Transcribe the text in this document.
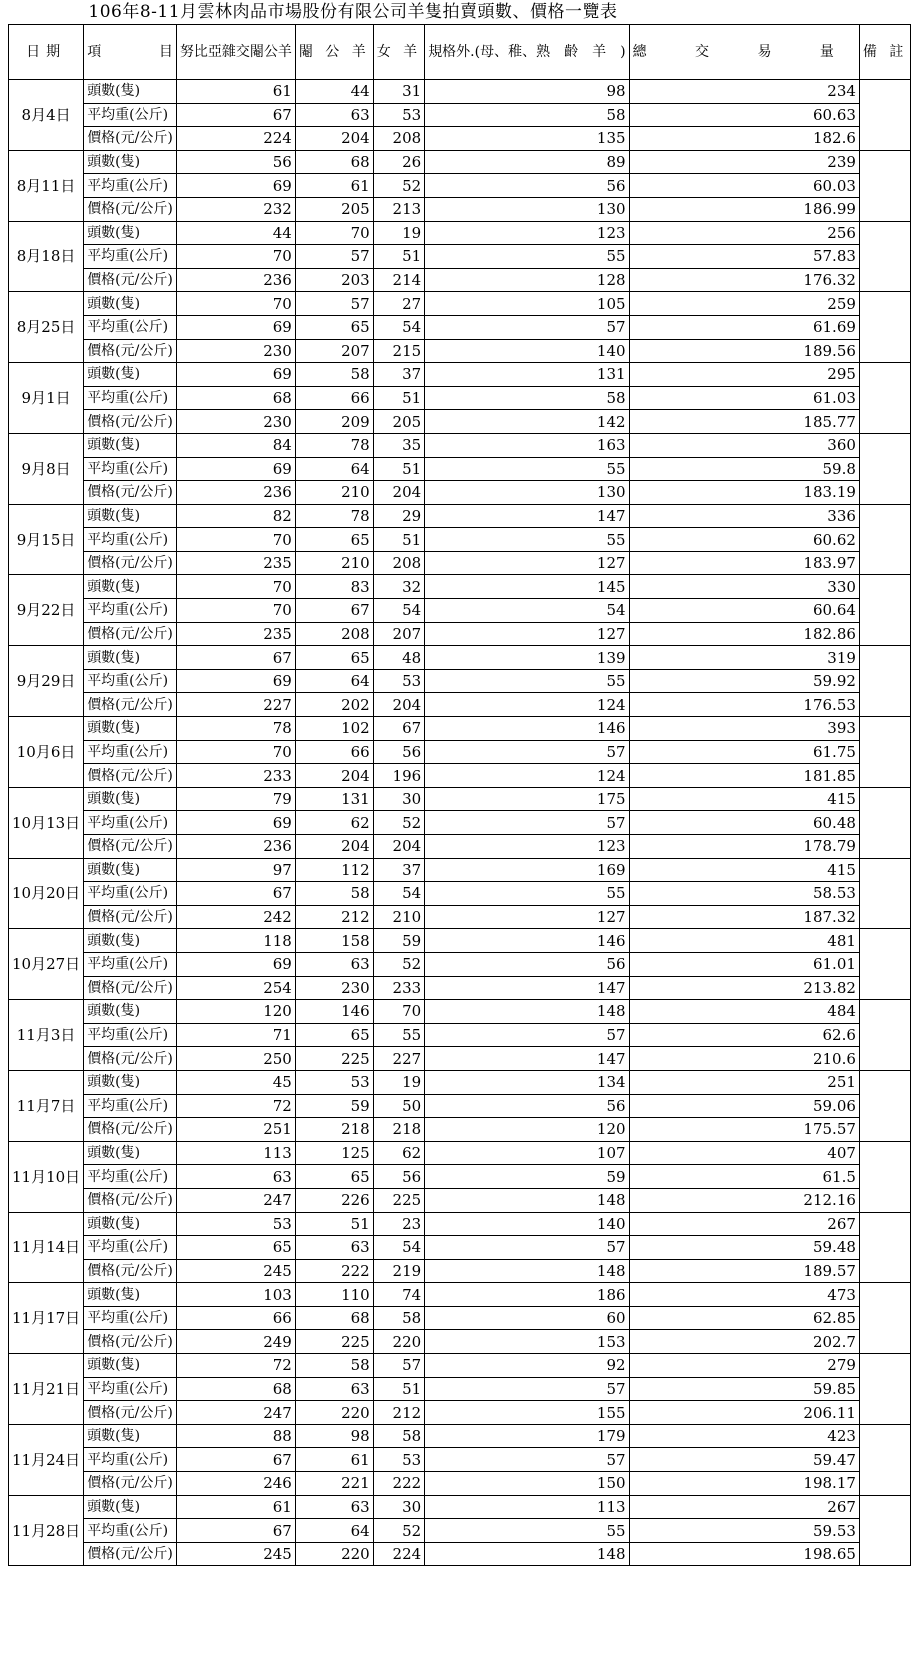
106年8-11月雲林肉品市場股份有限公司羊隻拍賣頭數、價格一覽表
日期	項 目	努比亞雜交閹公羊	閹 公 羊	女 羊	規格外.(母、稚、熟　齡　羊　)	總 交 易 量	備 註
8月4日	頭數(隻)	61	44	31	98	234	
	平均重(公斤)	67	63	53	58	60.63	
	價格(元/公斤)	224	204	208	135	182.6	
8月11日	頭數(隻)	56	68	26	89	239	
	平均重(公斤)	69	61	52	56	60.03	
	價格(元/公斤)	232	205	213	130	186.99	
8月18日	頭數(隻)	44	70	19	123	256	
	平均重(公斤)	70	57	51	55	57.83	
	價格(元/公斤)	236	203	214	128	176.32	
8月25日	頭數(隻)	70	57	27	105	259	
	平均重(公斤)	69	65	54	57	61.69	
	價格(元/公斤)	230	207	215	140	189.56	
9月1日	頭數(隻)	69	58	37	131	295	
	平均重(公斤)	68	66	51	58	61.03	
	價格(元/公斤)	230	209	205	142	185.77	
9月8日	頭數(隻)	84	78	35	163	360	
	平均重(公斤)	69	64	51	55	59.8	
	價格(元/公斤)	236	210	204	130	183.19	
9月15日	頭數(隻)	82	78	29	147	336	
	平均重(公斤)	70	65	51	55	60.62	
	價格(元/公斤)	235	210	208	127	183.97	
9月22日	頭數(隻)	70	83	32	145	330	
	平均重(公斤)	70	67	54	54	60.64	
	價格(元/公斤)	235	208	207	127	182.86	
9月29日	頭數(隻)	67	65	48	139	319	
	平均重(公斤)	69	64	53	55	59.92	
	價格(元/公斤)	227	202	204	124	176.53	
10月6日	頭數(隻)	78	102	67	146	393	
	平均重(公斤)	70	66	56	57	61.75	
	價格(元/公斤)	233	204	196	124	181.85	
10月13日	頭數(隻)	79	131	30	175	415	
	平均重(公斤)	69	62	52	57	60.48	
	價格(元/公斤)	236	204	204	123	178.79	
10月20日	頭數(隻)	97	112	37	169	415	
	平均重(公斤)	67	58	54	55	58.53	
	價格(元/公斤)	242	212	210	127	187.32	
10月27日	頭數(隻)	118	158	59	146	481	
	平均重(公斤)	69	63	52	56	61.01	
	價格(元/公斤)	254	230	233	147	213.82	
11月3日	頭數(隻)	120	146	70	148	484	
	平均重(公斤)	71	65	55	57	62.6	
	價格(元/公斤)	250	225	227	147	210.6	
11月7日	頭數(隻)	45	53	19	134	251	
	平均重(公斤)	72	59	50	56	59.06	
	價格(元/公斤)	251	218	218	120	175.57	
11月10日	頭數(隻)	113	125	62	107	407	
	平均重(公斤)	63	65	56	59	61.5	
	價格(元/公斤)	247	226	225	148	212.16	
11月14日	頭數(隻)	53	51	23	140	267	
	平均重(公斤)	65	63	54	57	59.48	
	價格(元/公斤)	245	222	219	148	189.57	
11月17日	頭數(隻)	103	110	74	186	473	
	平均重(公斤)	66	68	58	60	62.85	
	價格(元/公斤)	249	225	220	153	202.7	
11月21日	頭數(隻)	72	58	57	92	279	
	平均重(公斤)	68	63	51	57	59.85	
	價格(元/公斤)	247	220	212	155	206.11	
11月24日	頭數(隻)	88	98	58	179	423	
	平均重(公斤)	67	61	53	57	59.47	
	價格(元/公斤)	246	221	222	150	198.17	
11月28日	頭數(隻)	61	63	30	113	267	
	平均重(公斤)	67	64	52	55	59.53	
	價格(元/公斤)	245	220	224	148	198.65	
